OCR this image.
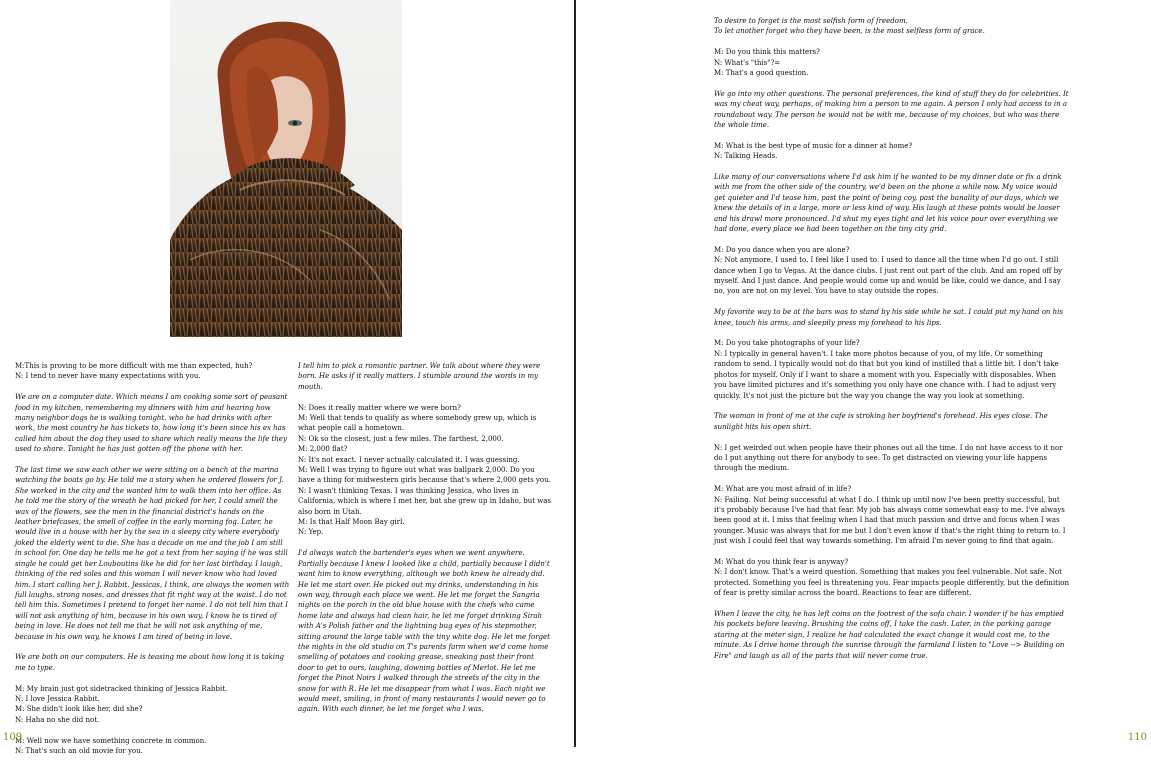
M:This is proving to be more difficult with me than expected, huh?
N: I tend to never have many expectations with you.

We are on a computer date. Which means I am cooking some sort of peasant food in my kitchen, remembering my dinners with him and hearing how many neighbor dogs he is walking tonight, who he had drinks with after work, the most country he has tickets to, how long it's been since his ex has called him about the dog they used to share which really means the life they used to share. Tonight he has just gotten off the phone with her.

The last time we saw each other we were sitting on a bench at the marina watching the boats go by. He told me a story when he ordered flowers for J. She worked in the city and the wanted him to walk them into her office. As he told me the story of the wreath he had picked for her, I could smell the wax of the flowers, see the men in the financial district's hands on the leather briefcases, the smell of coffee in the early morning fog. Later, he would live in a house with her by the sea in a sleepy city where everybody joked the elderly went to die. She has a decade on me and the job I am still in school for. One day he tells me he got a text from her saying if he was still single he could get her Louboutins like he did for her last birthday. I laugh, thinking of the red soles and this woman I will never know who had loved him. I start calling her J. Rabbit. Jessicas, I think, are always the women with full laughs, strong noses, and dresses that fit right way at the waist. I do not tell him this. Sometimes I pretend to forget her name. I do not tell him that I will not ask anything of him, because in his own way, I know he is tired of being in love. He does not tell me that he will not ask anything of me, because in his own way, he knows I am tired of being in love.

We are both on our computers. He is teasing me about how long it is taking me to type.

M: My brain just got sidetracked thinking of Jessica Rabbit.
N: I love Jessica Rabbit.
M: She didn't look like her, did she?
N: Haha no she did not.

M: Well now we have something concrete in common.
N: That's such an old movie for you.

I tell him to pick a romantic partner. We talk about where they were born. He asks if it really matters. I stumble around the words in my mouth.

N: Does it really matter where we were born?
M: Well that tends to qualify as where somebody grew up, which is what people call a hometown.
N: Ok so the closest, just a few miles. The farthest, 2,000.
M: 2,000 flat?
N: It's not exact. I never actually calculated it. I was guessing.
M: Well I was trying to figure out what was ballpark 2,000. Do you have a thing for midwestern girls because that's where 2,000 gets you.
N: I wasn't thinking Texas. I was thinking Jessica, who lives in California, which is where I met her, but she grew up in Idaho, but was also born in Utah.
M: Is that Half Moon Bay girl.
N: Yep.

I'd always watch the bartender's eyes when we went anywhere. Partially because I knew I looked like a child, partially because I didn't want him to know everything, although we both knew he already did. He let me start over. He picked out my drinks, understanding in his own way, through each place we went. He let me forget the Sangria nights on the porch in the old blue house with the chefs who came home late and always had clean hair, he let me forget drinking Sirah with A's Polish father and the lightning bug eyes of his stepmother, sitting around the large table with the tiny white dog. He let me forget the nights in the old studio on T's parents farm when we'd come home smelling of potatoes and cooking grease, sneaking past their front door to get to ours, laughing, downing bottles of Merlot. He let me forget the Pinot Noirs I walked through the streets of the city in the snow for with R. He let me disappear from what I was. Each night we would meet, smiling, in front of many restaurants I would never go to again. With each dinner, he let me forget who I was.

109	110

To desire to forget is the most selfish form of freedom.
To let another forget who they have been, is the most selfless form of grace.

M: Do you think this matters?
N: What's "this"?=
M: That's a good question.

We go into my other questions. The personal preferences, the kind of stuff they do for celebrities. It was my cheat way, perhaps, of making him a person to me again. A person I only had access to in a roundabout way. The person he would not be with me, because of my choices, but who was there the whole time.

M: What is the best type of music for a dinner at home?
N: Talking Heads.

Like many of our conversations where I'd ask him if he wanted to be my dinner date or fix a drink with me from the other side of the country, we'd been on the phone a while now. My voice would get quieter and I'd tease him, past the point of being coy, past the banality of our days, which we knew the details of in a large, more or less kind of way. His laugh at these points would be looser and his drawl more pronounced. I'd shut my eyes tight and let his voice pour over everything we had done, every place we had been together on the tiny city grid.

M: Do you dance when you are alone?
N: Not anymore, I used to. I feel like I used to. I used to dance all the time when I'd go out. I still dance when I go to Vegas. At the dance clubs. I just rent out part of the club. And am roped off by myself. And I just dance. And people would come up and would be like, could we dance, and I say no, you are not on my level. You have to stay outside the ropes.

My favorite way to be at the bars was to stand by his side while he sat. I could put my hand on his knee, touch his arms, and sleepily press my forehead to his lips.

M: Do you take photographs of your life?
N: I typically in general haven't. I take more photos because of you, of my life. Or something random to send. I typically would not do that but you kind of instilled that a little bit. I don't take photos for myself. Only if I want to share a moment with you. Especially with disposables. When you have limited pictures and it's something you only have one chance with. I had to adjust very quickly. It's not just the picture but the way you change the way you look at something.

The woman in front of me at the cafe is stroking her boyfriend's forehead. His eyes close. The sunlight hits his open shirt.

N: I get weirded out when people have their phones out all the time. I do not have access to it nor do I put anything out there for anybody to see. To get distracted on viewing your life happens through the medium.

M: What are you most afraid of in life?
N: Failing. Not being successful at what I do. I think up until now I've been pretty successful, but it's probably because I've had that fear. My job has always come somewhat easy to me. I've always been good at it. I miss that feeling when I had that much passion and drive and focus when I was younger. Music was always that for me but I don't even know if that's the right thing to return to. I just wish I could feel that way towards something. I'm afraid I'm never going to find that again.

M: What do you think fear is anyway?
N: I don't know. That's a weird question. Something that makes you feel vulnerable. Not safe. Not protected. Something you feel is threatening you. Fear impacts people differently, but the definition of fear is pretty similar across the board. Reactions to fear are different.

When I leave the city, he has left coins on the footrest of the sofa chair. I wonder if he has emptied his pockets before leaving. Brushing the coins off, I take the cash. Later, in the parking garage staring at the meter sign, I realize he had calculated the exact change it would cost me, to the minute. As I drive home through the sunrise through the farmland I listen to "Love --> Building on Fire" and laugh as all of the parts that will never come true.
